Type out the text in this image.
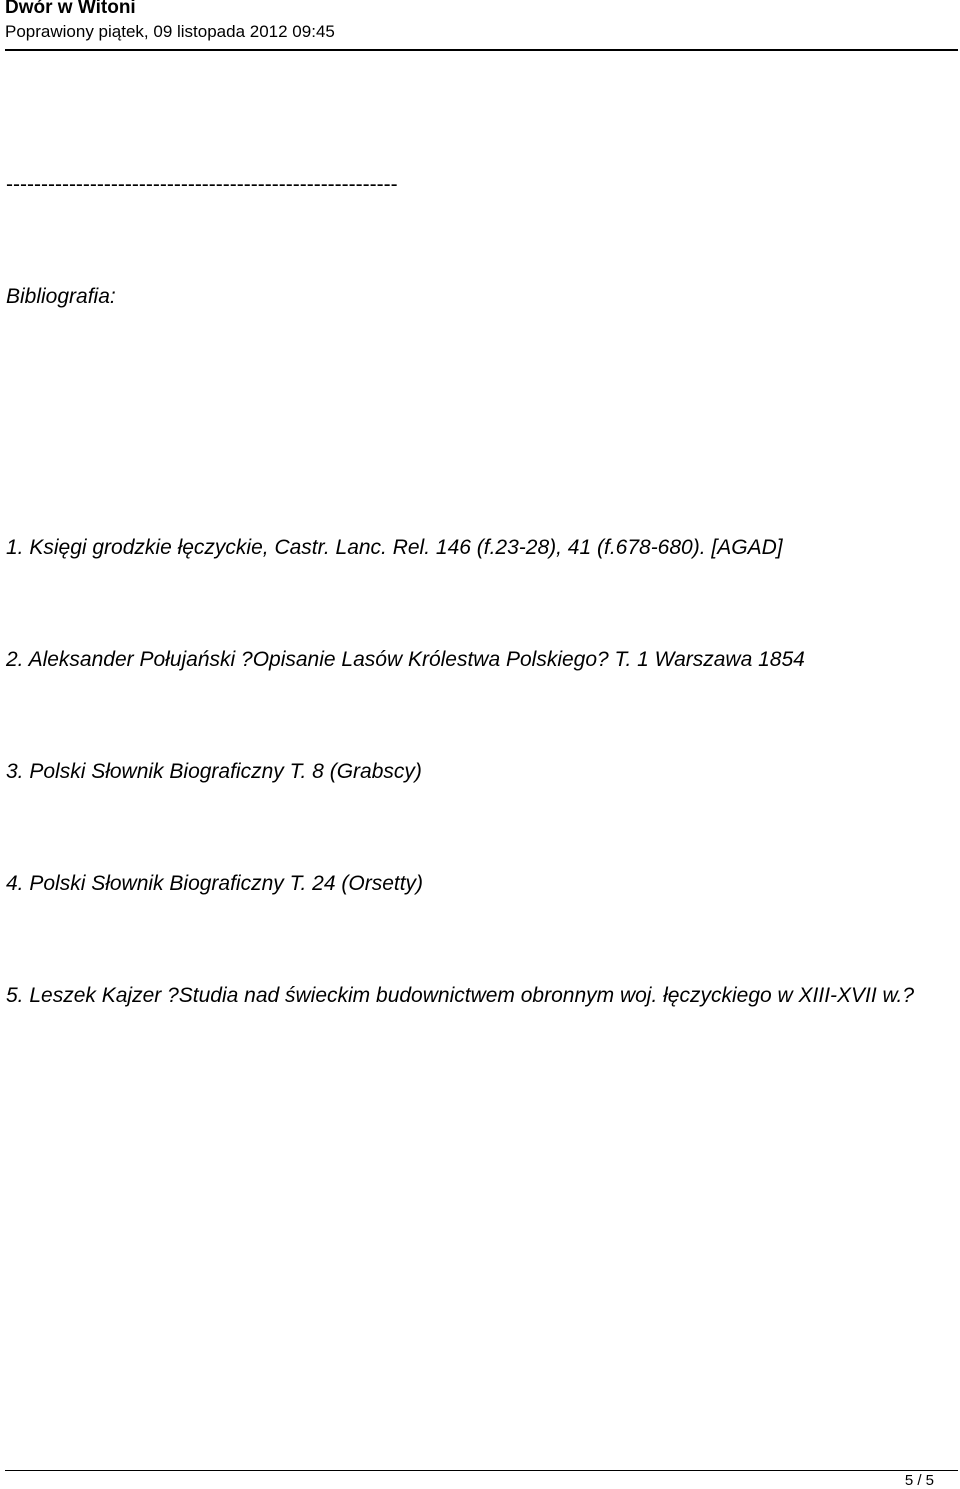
Dwór w Witoni
Poprawiony piątek, 09 listopada 2012 09:45
--------------------------------------------------------
Bibliografia:
1. Księgi grodzkie łęczyckie, Castr. Lanc. Rel. 146 (f.23-28), 41 (f.678-680). [AGAD]
2. Aleksander Połujański ?Opisanie Lasów Królestwa Polskiego? T. 1 Warszawa 1854
3. Polski Słownik Biograficzny T. 8 (Grabscy)
4. Polski Słownik Biograficzny T. 24 (Orsetty)
5. Leszek Kajzer ?Studia nad świeckim budownictwem obronnym woj. łęczyckiego w XIII-XVII w.?
5 / 5
